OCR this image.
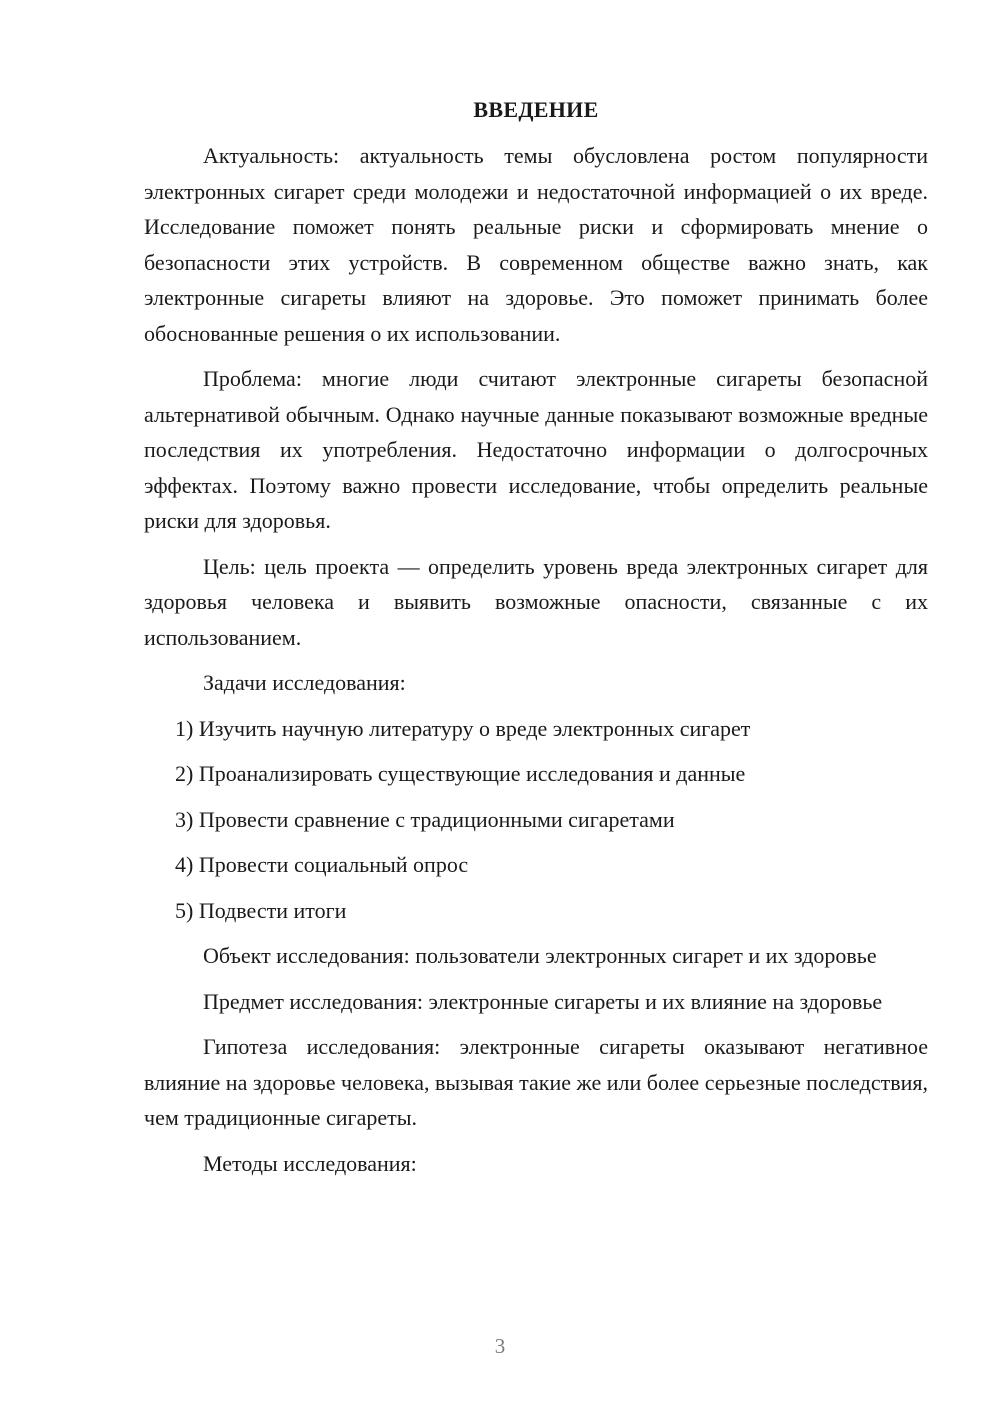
ВВЕДЕНИЕ

Актуальность: актуальность темы обусловлена ростом популярности электронных сигарет среди молодежи и недостаточной информацией о их вреде. Исследование поможет понять реальные риски и сформировать мнение о безопасности этих устройств. В современном обществе важно знать, как электронные сигареты влияют на здоровье. Это поможет принимать более обоснованные решения о их использовании.

Проблема: многие люди считают электронные сигареты безопасной альтернативой обычным. Однако научные данные показывают возможные вредные последствия их употребления. Недостаточно информации о долгосрочных эффектах. Поэтому важно провести исследование, чтобы определить реальные риски для здоровья.

Цель: цель проекта — определить уровень вреда электронных сигарет для здоровья человека и выявить возможные опасности, связанные с их использованием.

Задачи исследования:

1) Изучить научную литературу о вреде электронных сигарет
2) Проанализировать существующие исследования и данные
3) Провести сравнение с традиционными сигаретами
4) Провести социальный опрос
5) Подвести итоги

Объект исследования: пользователи электронных сигарет и их здоровье

Предмет исследования: электронные сигареты и их влияние на здоровье

Гипотеза исследования: электронные сигареты оказывают негативное влияние на здоровье человека, вызывая такие же или более серьезные последствия, чем традиционные сигареты.

Методы исследования:

3
